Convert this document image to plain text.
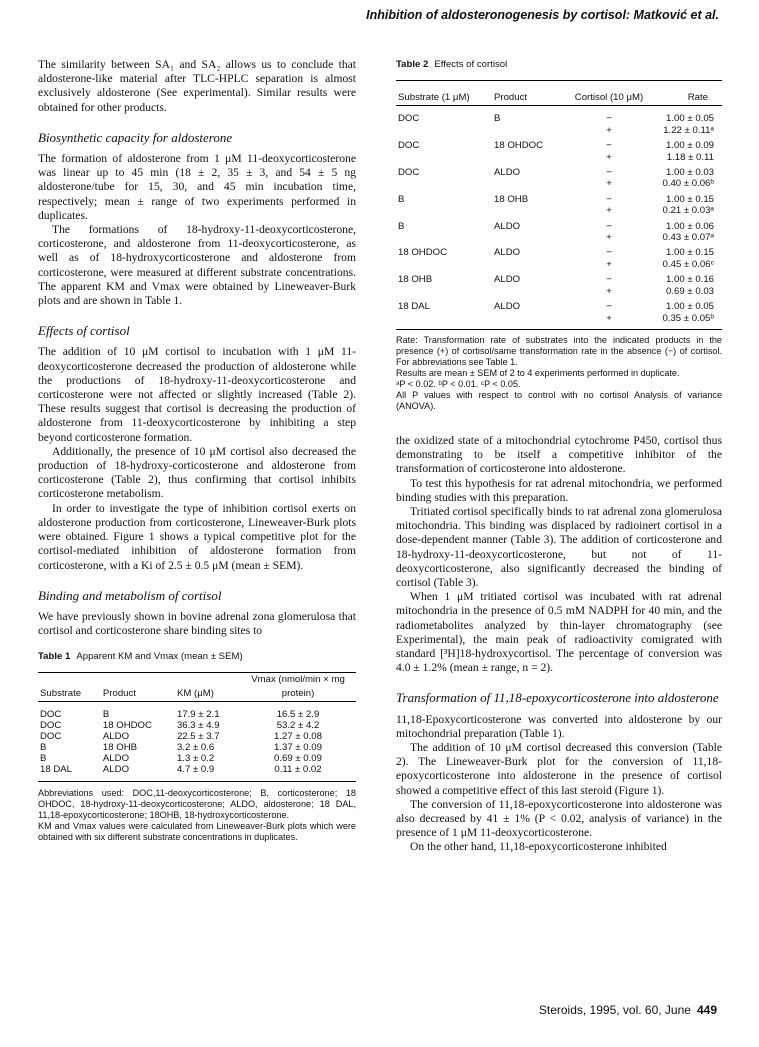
Inhibition of aldosteronogenesis by cortisol: Matković et al.

The similarity between SA₁ and SA₂ allows us to conclude that aldosterone-like material after TLC-HPLC separation is almost exclusively aldosterone (See experimental). Similar results were obtained for other products.

Biosynthetic capacity for aldosterone

The formation of aldosterone from 1 μM 11-deoxycorticosterone was linear up to 45 min (18 ± 2, 35 ± 3, and 54 ± 5 ng aldosterone/tube for 15, 30, and 45 min incubation time, respectively; mean ± range of two experiments performed in duplicates.

The formations of 18-hydroxy-11-deoxycorticosterone, corticosterone, and aldosterone from 11-deoxycorticosterone, as well as of 18-hydroxycorticosterone and aldosterone from corticosterone, were measured at different substrate concentrations. The apparent KM and Vmax were obtained by Lineweaver-Burk plots and are shown in Table 1.

Effects of cortisol

The addition of 10 μM cortisol to incubation with 1 μM 11-deoxycorticosterone decreased the production of aldosterone while the productions of 18-hydroxy-11-deoxycorticosterone and corticosterone were not affected or slightly increased (Table 2). These results suggest that cortisol is decreasing the production of aldosterone from 11-deoxycorticosterone by inhibiting a step beyond corticosterone formation.

Additionally, the presence of 10 μM cortisol also decreased the production of 18-hydroxy-corticosterone and aldosterone from corticosterone (Table 2), thus confirming that cortisol inhibits corticosterone metabolism.

In order to investigate the type of inhibition cortisol exerts on aldosterone production from corticosterone, Lineweaver-Burk plots were obtained. Figure 1 shows a typical competitive plot for the cortisol-mediated inhibition of aldosterone formation from corticosterone, with a Ki of 2.5 ± 0.5 μM (mean ± SEM).

Binding and metabolism of cortisol

We have previously shown in bovine adrenal zona glomerulosa that cortisol and corticosterone share binding sites to

Table 1 Apparent KM and Vmax (mean ± SEM)
Substrate	Product	KM (μM)	Vmax (nmol/min × mg protein)

DOC	B	17.9 ± 2.1	16.5 ± 2.9
DOC	18 OHDOC	36.3 ± 4.9	53.2 ± 4.2
DOC	ALDO	22.5 ± 3.7	1.27 ± 0.08
B	18 OHB	3.2 ± 0.6	1.37 ± 0.09
B	ALDO	1.3 ± 0.2	0.69 ± 0.09
18 DAL	ALDO	4.7 ± 0.9	0.11 ± 0.02

Abbreviations used: DOC,11-deoxycorticosterone; B, corticosterone; 18 OHDOC, 18-hydroxy-11-deoxycorticosterone; ALDO, aldosterone; 18 DAL, 11,18-epoxycorticosterone; 18OHB, 18-hydroxycorticosterone.

KM and Vmax values were calculated from Lineweaver-Burk plots which were obtained with six different substrate concentrations in duplicates.

Table 2 Effects of cortisol
Substrate (1 μM)	Product	Cortisol (10 μM)	Rate

DOC	B	−	1.00 ± 0.05
		+	1.22 ± 0.11ᵃ
DOC	18 OHDOC	−	1.00 ± 0.09
		+	1.18 ± 0.11
DOC	ALDO	−	1.00 ± 0.03
		+	0.40 ± 0.06ᵇ
B	18 OHB	−	1.00 ± 0.15
		+	0.21 ± 0.03ᵃ
B	ALDO	−	1.00 ± 0.06
		+	0.43 ± 0.07ᵃ
18 OHDOC	ALDO	−	1.00 ± 0.15
		+	0.45 ± 0.06ᶜ
18 OHB	ALDO	−	1.00 ± 0.16
		+	0.69 ± 0.03
18 DAL	ALDO	−	1.00 ± 0.05
		+	0.35 ± 0.05ᵇ

Rate: Transformation rate of substrates into the indicated products in the presence (+) of cortisol/same transformation rate in the absence (−) of cortisol. For abbreviations see Table 1.

Results are mean ± SEM of 2 to 4 experiments performed in duplicate.

ᵃP < 0.02. ᵇP < 0.01. ᶜP < 0.05.

All P values with respect to control with no cortisol Analysis of variance (ANOVA).

the oxidized state of a mitochondrial cytochrome P450, cortisol thus demonstrating to be itself a competitive inhibitor of the transformation of corticosterone into aldosterone.

To test this hypothesis for rat adrenal mitochondria, we performed binding studies with this preparation.

Tritiated cortisol specifically binds to rat adrenal zona glomerulosa mitochondria. This binding was displaced by radioinert cortisol in a dose-dependent manner (Table 3). The addition of corticosterone and 18-hydroxy-11-deoxycorticosterone, but not of 11-deoxycorticosterone, also significantly decreased the binding of cortisol (Table 3).

When 1 μM tritiated cortisol was incubated with rat adrenal mitochondria in the presence of 0.5 mM NADPH for 40 min, and the radiometabolites analyzed by thin-layer chromatography (see Experimental), the main peak of radioactivity comigrated with standard [³H]18-hydroxycortisol. The percentage of conversion was 4.0 ± 1.2% (mean ± range, n = 2).

Transformation of 11,18-epoxycorticosterone into aldosterone

11,18-Epoxycorticosterone was converted into aldosterone by our mitochondrial preparation (Table 1).

The addition of 10 μM cortisol decreased this conversion (Table 2). The Lineweaver-Burk plot for the conversion of 11,18-epoxycorticosterone into aldosterone in the presence of cortisol showed a competitive effect of this last steroid (Figure 1).

The conversion of 11,18-epoxycorticosterone into aldosterone was also decreased by 41 ± 1% (P < 0.02, analysis of variance) in the presence of 1 μM 11-deoxycorticosterone.

On the other hand, 11,18-epoxycorticosterone inhibited

Steroids, 1995, vol. 60, June 449
